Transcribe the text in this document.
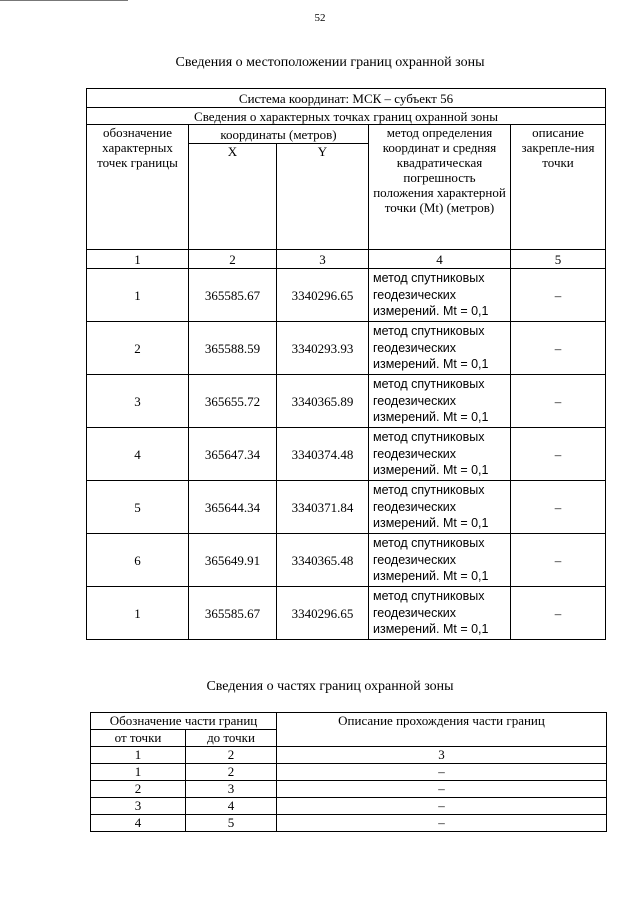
52
Сведения о местоположении границ охранной зоны
Система координат: МСК – субъект 56				
Сведения о характерных точках границ охранной зоны				
обозначение характерных точек границы	координаты (метров)		метод определения координат и средняя квадратическая погрешность положения характерной точки (Mt) (метров)	описание закрепле-ния точки
	X	Y		
1	2	3	4	5
1	365585.67	3340296.65	метод спутниковых геодезических измерений. Mt = 0,1	–
2	365588.59	3340293.93	метод спутниковых геодезических измерений. Mt = 0,1	–
3	365655.72	3340365.89	метод спутниковых геодезических измерений. Mt = 0,1	–
4	365647.34	3340374.48	метод спутниковых геодезических измерений. Mt = 0,1	–
5	365644.34	3340371.84	метод спутниковых геодезических измерений. Mt = 0,1	–
6	365649.91	3340365.48	метод спутниковых геодезических измерений. Mt = 0,1	–
1	365585.67	3340296.65	метод спутниковых геодезических измерений. Mt = 0,1	–
Сведения о частях границ охранной зоны
Обозначение части границ		Описание прохождения части границ
от точки	до точки	
1	2	3
1	2	–
2	3	–
3	4	–
4	5	–
